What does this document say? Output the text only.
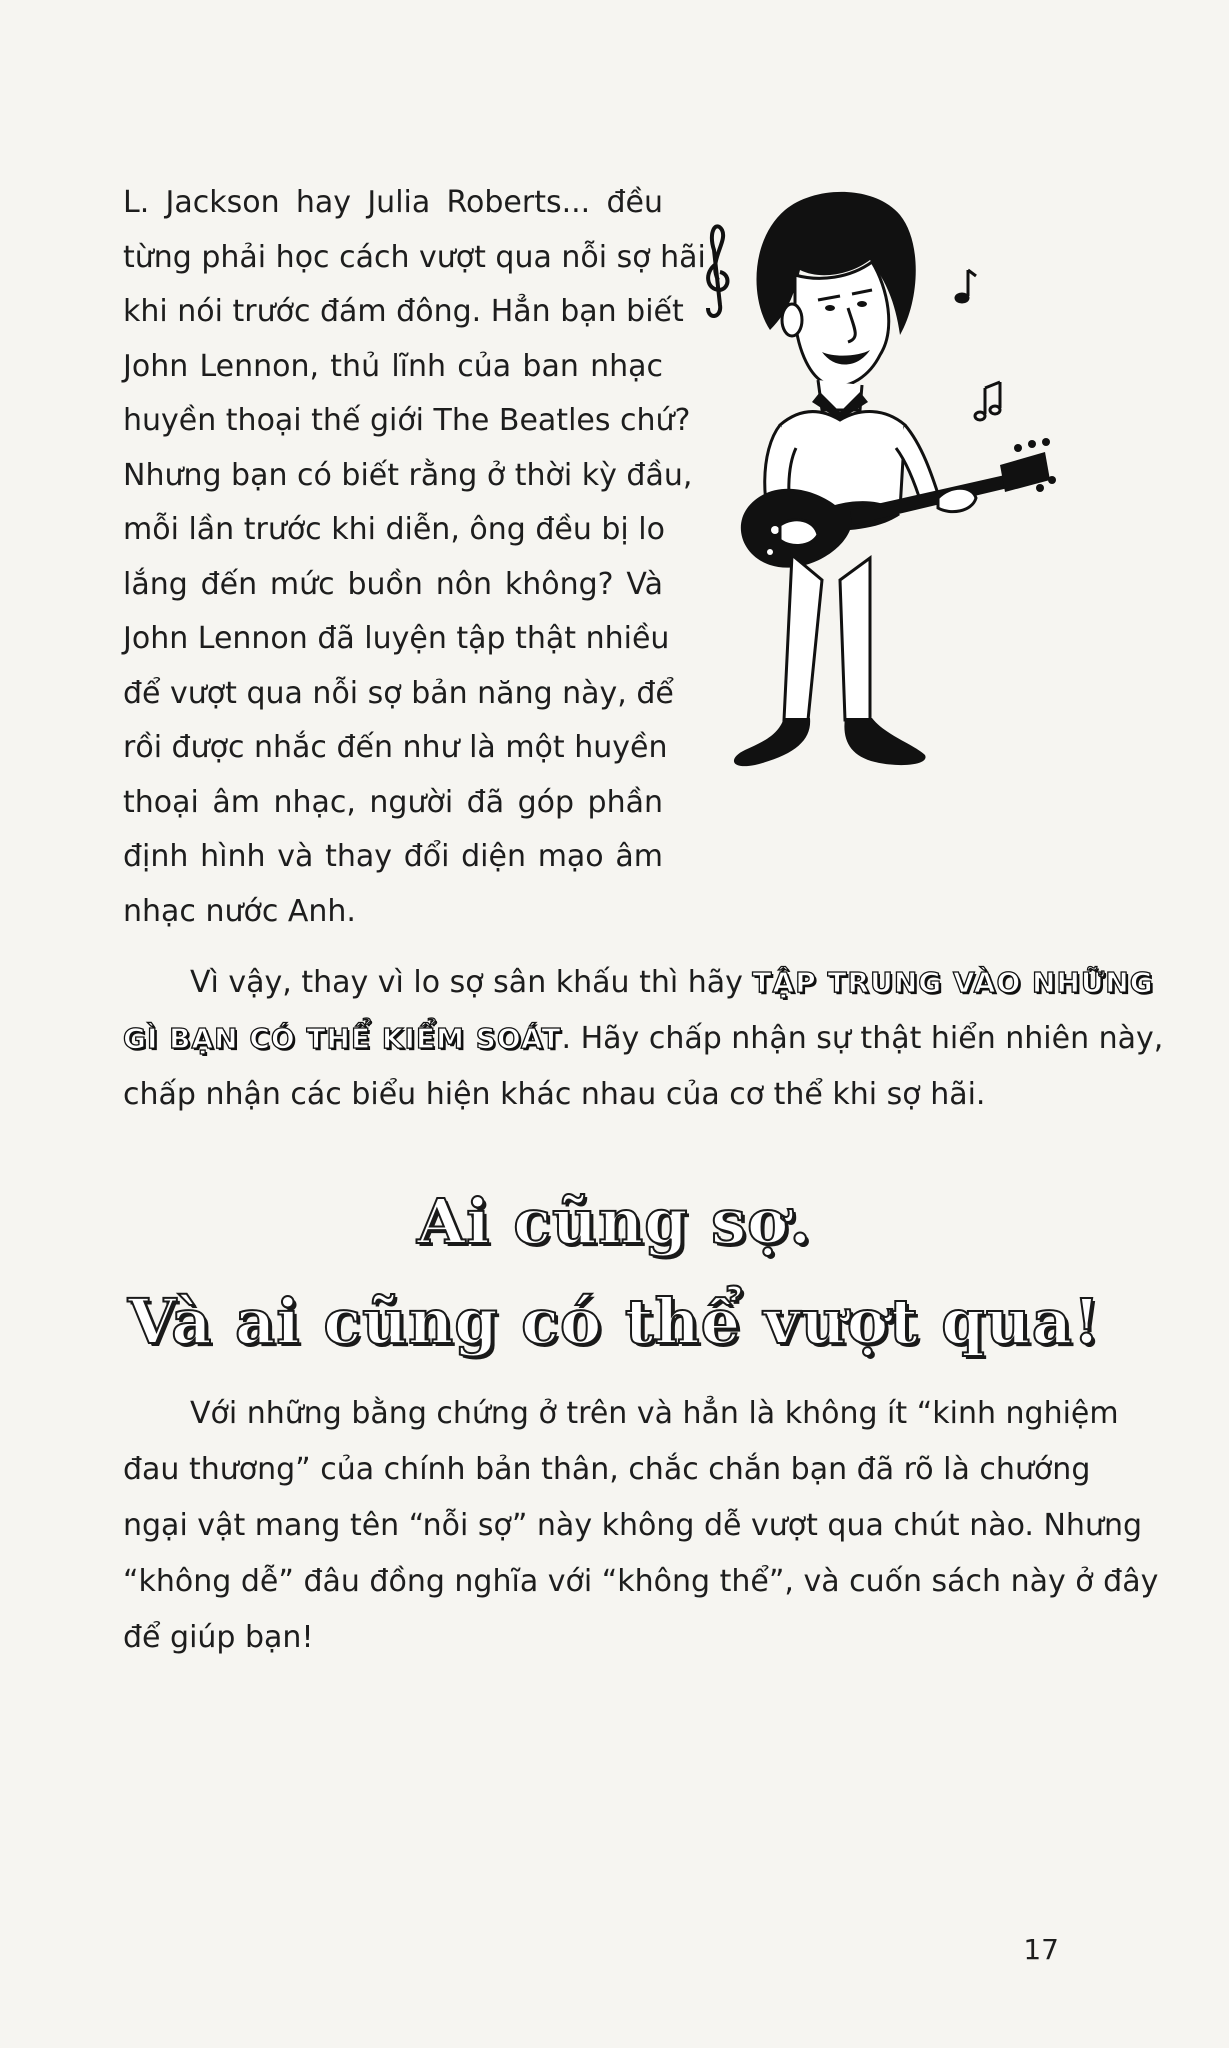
L. Jackson hay Julia Roberts... đều
từng phải học cách vượt qua nỗi sợ hãi
khi nói trước đám đông. Hẳn bạn biết
John Lennon, thủ lĩnh của ban nhạc
huyền thoại thế giới The Beatles chứ?
Nhưng bạn có biết rằng ở thời kỳ đầu,
mỗi lần trước khi diễn, ông đều bị lo
lắng đến mức buồn nôn không? Và
John Lennon đã luyện tập thật nhiều
để vượt qua nỗi sợ bản năng này, để
rồi được nhắc đến như là một huyền
thoại âm nhạc, người đã góp phần
định hình và thay đổi diện mạo âm
nhạc nước Anh.
Vì vậy, thay vì lo sợ sân khấu thì hãy TẬP TRUNG VÀO NHỮNG
GÌ BẠN CÓ THỂ KIỂM SOÁT. Hãy chấp nhận sự thật hiển nhiên này,
chấp nhận các biểu hiện khác nhau của cơ thể khi sợ hãi.
Ai cũng sợ.
Và ai cũng có thể vượt qua!
Với những bằng chứng ở trên và hẳn là không ít “kinh nghiệm
đau thương” của chính bản thân, chắc chắn bạn đã rõ là chướng
ngại vật mang tên “nỗi sợ” này không dễ vượt qua chút nào. Nhưng
“không dễ” đâu đồng nghĩa với “không thể”, và cuốn sách này ở đây
để giúp bạn!
17
